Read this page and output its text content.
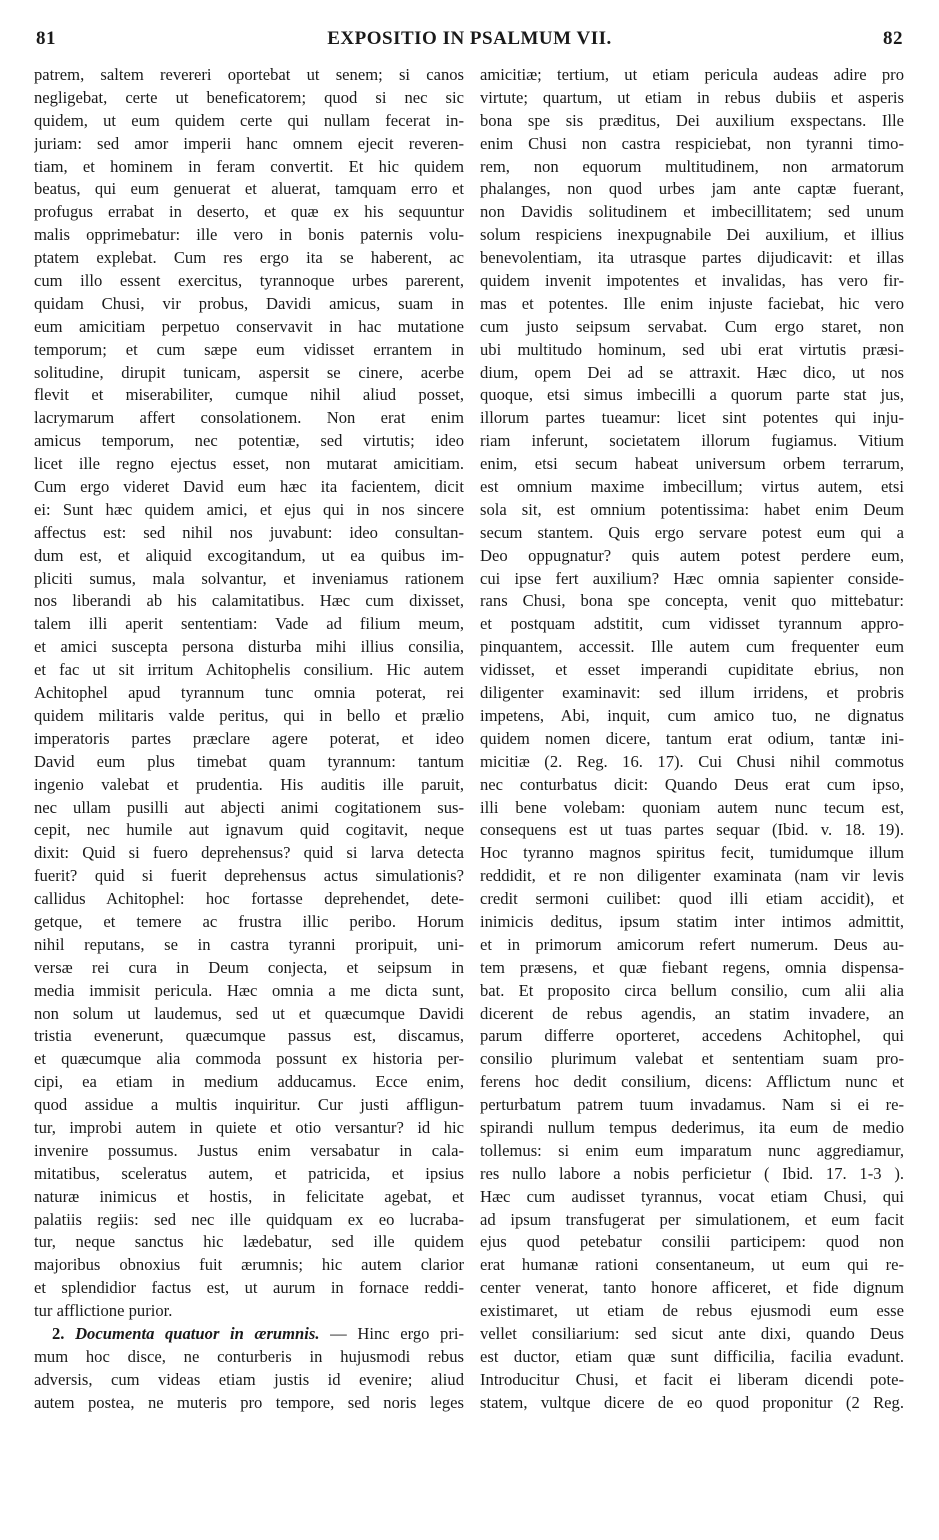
81	EXPOSITIO IN PSALMUM VII.	82
patrem, saltem revereri oportebat ut senem; si canos
negligebat, certe ut beneficatorem; quod si nec sic
quidem, ut eum quidem certe qui nullam fecerat in-
juriam: sed amor imperii hanc omnem ejecit reveren-
tiam, et hominem in feram convertit. Et hic quidem
beatus, qui eum genuerat et aluerat, tamquam erro et
profugus errabat in deserto, et quæ ex his sequuntur
malis opprimebatur: ille vero in bonis paternis volu-
ptatem explebat. Cum res ergo ita se haberent, ac
cum illo essent exercitus, tyrannoque urbes parerent,
quidam Chusi, vir probus, Davidi amicus, suam in
eum amicitiam perpetuo conservavit in hac mutatione
temporum; et cum sæpe eum vidisset errantem in
solitudine, dirupit tunicam, aspersit se cinere, acerbe
flevit et miserabiliter, cumque nihil aliud posset,
lacrymarum affert consolationem. Non erat enim
amicus temporum, nec potentiæ, sed virtutis; ideo
licet ille regno ejectus esset, non mutarat amicitiam.
Cum ergo videret David eum hæc ita facientem, dicit
ei: Sunt hæc quidem amici, et ejus qui in nos sincere
affectus est: sed nihil nos juvabunt: ideo consultan-
dum est, et aliquid excogitandum, ut ea quibus im-
pliciti sumus, mala solvantur, et inveniamus rationem
nos liberandi ab his calamitatibus. Hæc cum dixisset,
talem illi aperit sententiam: Vade ad filium meum,
et amici suscepta persona disturba mihi illius consilia,
et fac ut sit irritum Achitophelis consilium. Hic autem
Achitophel apud tyrannum tunc omnia poterat, rei
quidem militaris valde peritus, qui in bello et prælio
imperatoris partes præclare agere poterat, et ideo
David eum plus timebat quam tyrannum: tantum
ingenio valebat et prudentia. His auditis ille paruit,
nec ullam pusilli aut abjecti animi cogitationem sus-
cepit, nec humile aut ignavum quid cogitavit, neque
dixit: Quid si fuero deprehensus? quid si larva detecta
fuerit? quid si fuerit deprehensus actus simulationis?
callidus Achitophel: hoc fortasse deprehendet, dete-
getque, et temere ac frustra illic peribo. Horum
nihil reputans, se in castra tyranni proripuit, uni-
versæ rei cura in Deum conjecta, et seipsum in
media immisit pericula. Hæc omnia a me dicta sunt,
non solum ut laudemus, sed ut et quæcumque Davidi
tristia evenerunt, quæcumque passus est, discamus,
et quæcumque alia commoda possunt ex historia per-
cipi, ea etiam in medium adducamus. Ecce enim,
quod assidue a multis inquiritur. Cur justi affligun-
tur, improbi autem in quiete et otio versantur? id hic
invenire possumus. Justus enim versabatur in cala-
mitatibus, sceleratus autem, et patricida, et ipsius
naturæ inimicus et hostis, in felicitate agebat, et
palatiis regiis: sed nec ille quidquam ex eo lucraba-
tur, neque sanctus hic lædebatur, sed ille quidem
majoribus obnoxius fuit ærumnis; hic autem clarior
et splendidior factus est, ut aurum in fornace reddi-
tur afflictione purior.
2. Documenta quatuor in ærumnis. — Hinc ergo pri-
mum hoc disce, ne conturberis in hujusmodi rebus
adversis, cum videas etiam justis id evenire; aliud
autem postea, ne muteris pro tempore, sed noris leges
amicitiæ; tertium, ut etiam pericula audeas adire pro
virtute; quartum, ut etiam in rebus dubiis et asperis
bona spe sis præditus, Dei auxilium exspectans. Ille
enim Chusi non castra respiciebat, non tyranni timo-
rem, non equorum multitudinem, non armatorum
phalanges, non quod urbes jam ante captæ fuerant,
non Davidis solitudinem et imbecillitatem; sed unum
solum respiciens inexpugnabile Dei auxilium, et illius
benevolentiam, ita utrasque partes dijudicavit: et illas
quidem invenit impotentes et invalidas, has vero fir-
mas et potentes. Ille enim injuste faciebat, hic vero
cum justo seipsum servabat. Cum ergo staret, non
ubi multitudo hominum, sed ubi erat virtutis præsi-
dium, opem Dei ad se attraxit. Hæc dico, ut nos
quoque, etsi simus imbecilli a quorum parte stat jus,
illorum partes tueamur: licet sint potentes qui inju-
riam inferunt, societatem illorum fugiamus. Vitium
enim, etsi secum habeat universum orbem terrarum,
est omnium maxime imbecillum; virtus autem, etsi
sola sit, est omnium potentissima: habet enim Deum
secum stantem. Quis ergo servare potest eum qui a
Deo oppugnatur? quis autem potest perdere eum,
cui ipse fert auxilium? Hæc omnia sapienter conside-
rans Chusi, bona spe concepta, venit quo mittebatur:
et postquam adstitit, cum vidisset tyrannum appro-
pinquantem, accessit. Ille autem cum frequenter eum
vidisset, et esset imperandi cupiditate ebrius, non
diligenter examinavit: sed illum irridens, et probris
impetens, Abi, inquit, cum amico tuo, ne dignatus
quidem nomen dicere, tantum erat odium, tantæ ini-
micitiæ (2. Reg. 16. 17). Cui Chusi nihil commotus
nec conturbatus dicit: Quando Deus erat cum ipso,
illi bene volebam: quoniam autem nunc tecum est,
consequens est ut tuas partes sequar (Ibid. v. 18. 19).
Hoc tyranno magnos spiritus fecit, tumidumque illum
reddidit, et re non diligenter examinata (nam vir levis
credit sermoni cuilibet: quod illi etiam accidit), et
inimicis deditus, ipsum statim inter intimos admittit,
et in primorum amicorum refert numerum. Deus au-
tem præsens, et quæ fiebant regens, omnia dispensa-
bat. Et proposito circa bellum consilio, cum alii alia
dicerent de rebus agendis, an statim invadere, an
parum differre oporteret, accedens Achitophel, qui
consilio plurimum valebat et sententiam suam pro-
ferens hoc dedit consilium, dicens: Afflictum nunc et
perturbatum patrem tuum invadamus. Nam si ei re-
spirandi nullum tempus dederimus, ita eum de medio
tollemus: si enim eum imparatum nunc aggrediamur,
res nullo labore a nobis perficietur ( Ibid. 17. 1-3 ).
Hæc cum audisset tyrannus, vocat etiam Chusi, qui
ad ipsum transfugerat per simulationem, et eum facit
ejus quod petebatur consilii participem: quod non
erat humanæ rationi consentaneum, ut eum qui re-
center venerat, tanto honore afficeret, et fide dignum
existimaret, ut etiam de rebus ejusmodi eum esse
vellet consiliarium: sed sicut ante dixi, quando Deus
est ductor, etiam quæ sunt difficilia, facilia evadunt.
Introducitur Chusi, et facit ei liberam dicendi pote-
statem, vultque dicere de eo quod proponitur (2 Reg.
